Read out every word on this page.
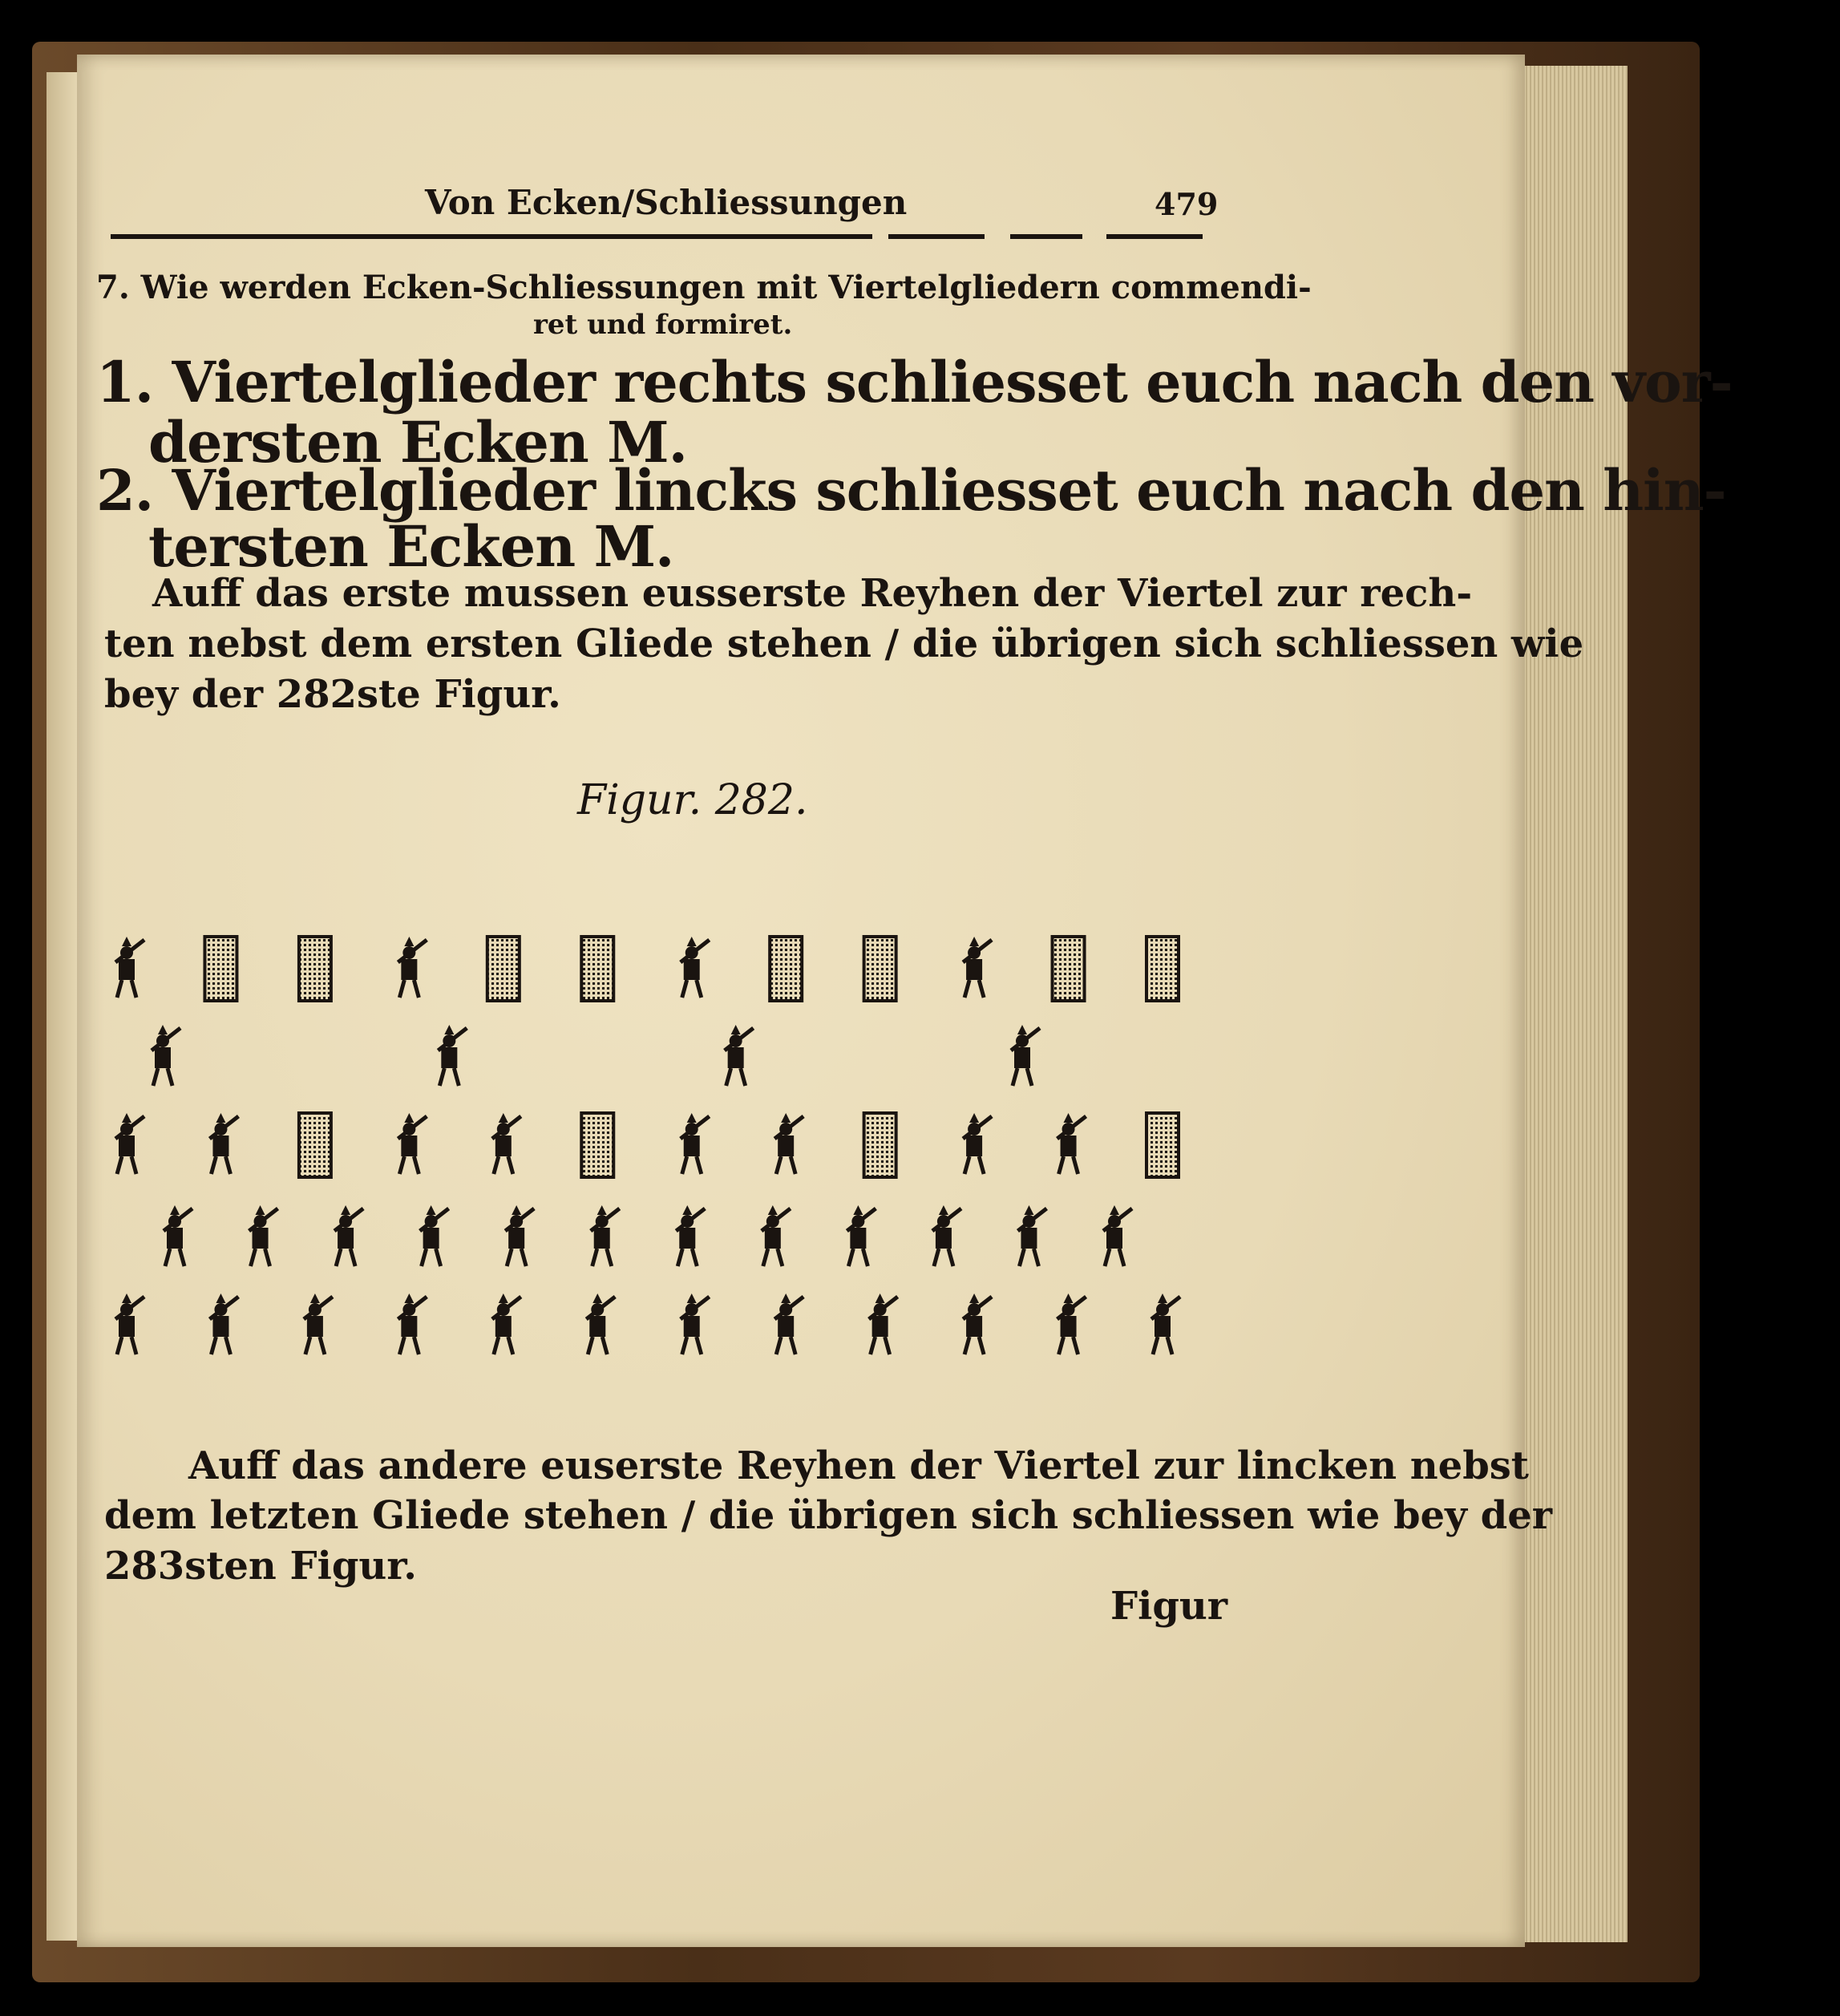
Von Ecken/Schliessungen	479
7. Wie werden Ecken-Schliessungen mit Viertelgliedern commendi-
ret und formiret.
1. Viertelglieder rechts schliesset euch nach den vor-
dersten Ecken M.
2. Viertelglieder lincks schliesset euch nach den hin-
tersten Ecken M.
Auff das erste mussen eusserste Reyhen der Viertel zur rech-
ten nebst dem ersten Gliede stehen / die übrigen sich schliessen wie
bey der 282ste Figur.
Figur. 282.
Auff das andere euserste Reyhen der Viertel zur lincken nebst
dem letzten Gliede stehen / die übrigen sich schliessen wie bey der
283sten Figur.
Figur
